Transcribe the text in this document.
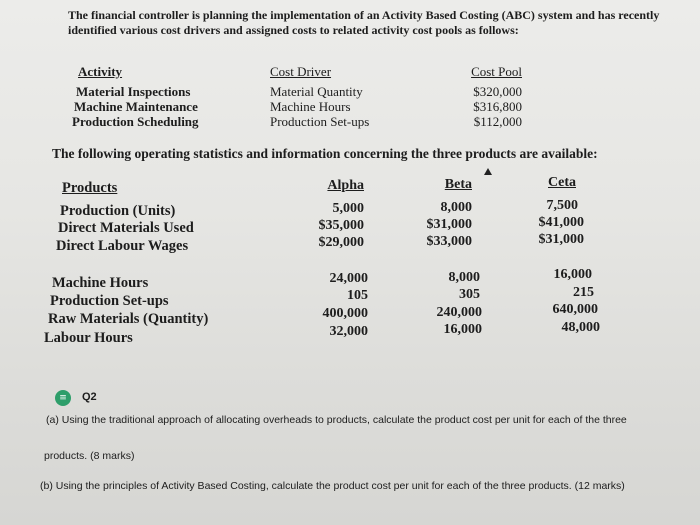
The financial controller is planning the implementation of an Activity Based Costing (ABC) system and has recently identified various cost drivers and assigned costs to related activity cost pools as follows:
Activity	Cost Driver	Cost Pool
Material Inspections	Material Quantity	$320,000
Machine Maintenance	Machine Hours	$316,800
Production Scheduling	Production Set-ups	$112,000
The following operating statistics and information concerning the three products are available:
Products	Alpha	Beta	Ceta
Production (Units)	5,000	8,000	7,500
Direct Materials Used	$35,000	$31,000	$41,000
Direct Labour Wages	$29,000	$33,000	$31,000
Machine Hours	24,000	8,000	16,000
Production Set-ups	105	305	215
Raw Materials (Quantity)	400,000	240,000	640,000
Labour Hours	32,000	16,000	48,000
≡	Q2
(a) Using the traditional approach of allocating overheads to products, calculate the product cost per unit for each of the three
products. (8 marks)
(b) Using the principles of Activity Based Costing, calculate the product cost per unit for each of the three products. (12 marks)
